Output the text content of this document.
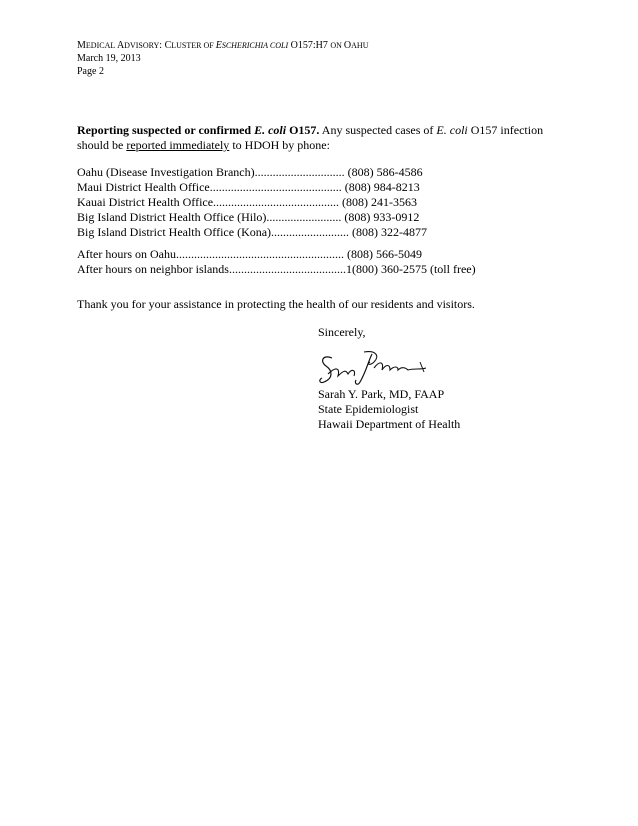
MEDICAL ADVISORY: CLUSTER OF ESCHERICHIA COLI O157:H7 ON OAHU
March 19, 2013
Page 2
Reporting suspected or confirmed E. coli O157. Any suspected cases of E. coli O157 infection should be reported immediately to HDOH by phone:
Oahu (Disease Investigation Branch).............................. (808) 586-4586
Maui District Health Office............................................ (808) 984-8213
Kauai District Health Office.......................................... (808) 241-3563
Big Island District Health Office (Hilo)......................... (808) 933-0912
Big Island District Health Office (Kona).......................... (808) 322-4877
After hours on Oahu........................................................ (808) 566-5049
After hours on neighbor islands.......................................1(800) 360-2575 (toll free)
Thank you for your assistance in protecting the health of our residents and visitors.
Sincerely,
Sarah Y. Park, MD, FAAP
State Epidemiologist
Hawaii Department of Health
